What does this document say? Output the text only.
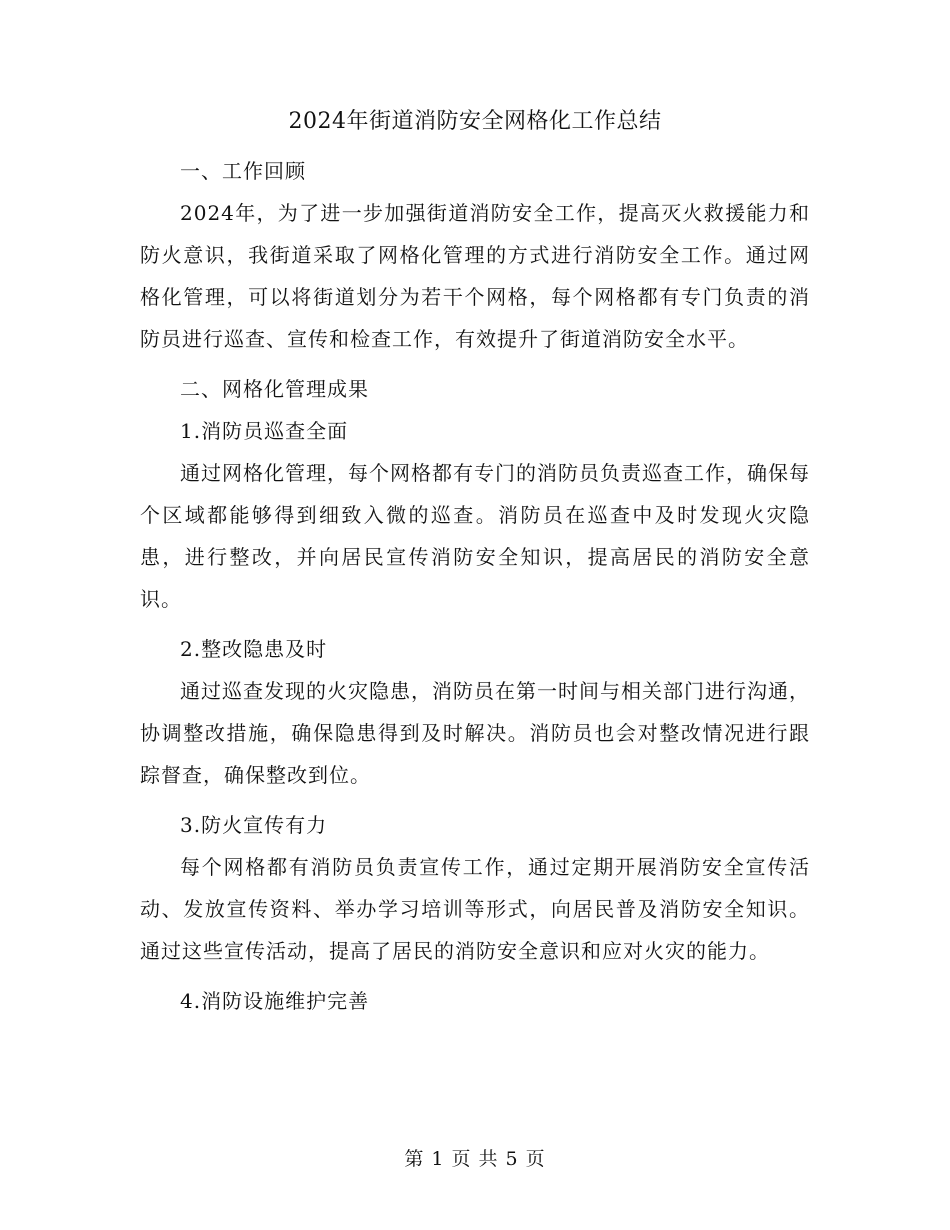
2024年街道消防安全网格化工作总结

一、工作回顾

2024年，为了进一步加强街道消防安全工作，提高灭火救援能力和防火意识，我街道采取了网格化管理的方式进行消防安全工作。通过网格化管理，可以将街道划分为若干个网格，每个网格都有专门负责的消防员进行巡查、宣传和检查工作，有效提升了街道消防安全水平。

二、网格化管理成果

1.消防员巡查全面

通过网格化管理，每个网格都有专门的消防员负责巡查工作，确保每个区域都能够得到细致入微的巡查。消防员在巡查中及时发现火灾隐患，进行整改，并向居民宣传消防安全知识，提高居民的消防安全意识。

2.整改隐患及时

通过巡查发现的火灾隐患，消防员在第一时间与相关部门进行沟通，协调整改措施，确保隐患得到及时解决。消防员也会对整改情况进行跟踪督查，确保整改到位。

3.防火宣传有力

每个网格都有消防员负责宣传工作，通过定期开展消防安全宣传活动、发放宣传资料、举办学习培训等形式，向居民普及消防安全知识。通过这些宣传活动，提高了居民的消防安全意识和应对火灾的能力。

4.消防设施维护完善

第 1 页 共 5 页
